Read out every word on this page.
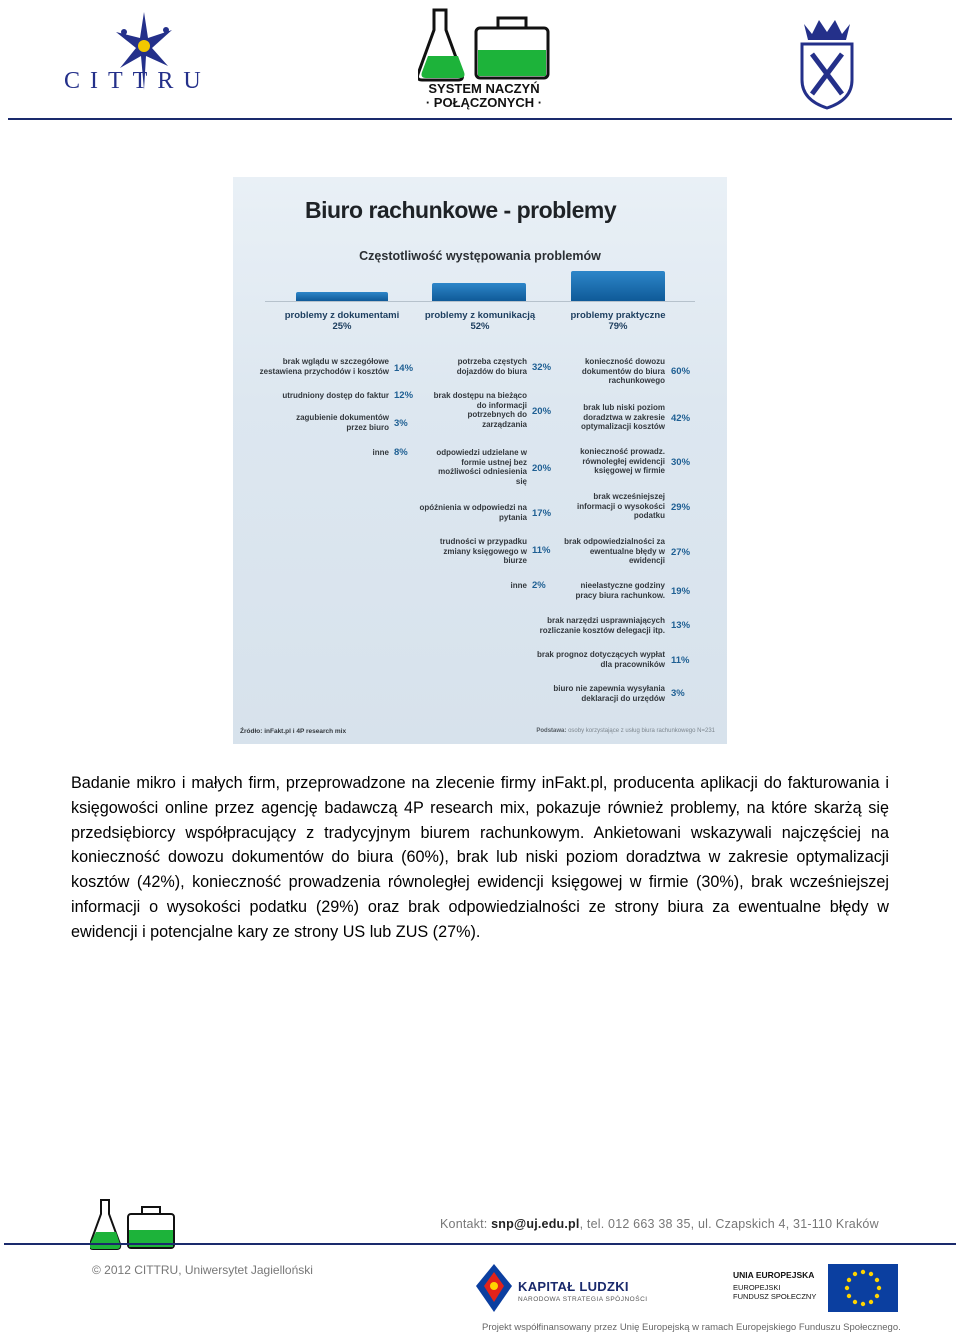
CITTRU	SYSTEM NACZYŃ
· POŁĄCZONYCH ·
Biuro rachunkowe - problemy
Częstotliwość występowania problemów
problemy z dokumentami
25%
problemy z komunikacją
52%
problemy praktyczne
79%
brak wglądu w szczegółowe zestawiena przychodów i kosztów 14%
utrudniony dostęp do faktur 12%
zagubienie dokumentów przez biuro 3%
inne 8%
potrzeba częstych dojazdów do biura 32%
brak dostępu na bieżąco do informacji potrzebnych do zarządzania
20%
odpowiedzi udzielane w formie ustnej bez możliwości odniesienia się
20%
opóźnienia w odpowiedzi na pytania 17%
trudności w przypadku zmiany księgowego w biurze
11%
inne 2%
konieczność dowozu dokumentów do biura rachunkowego
60%
brak lub niski poziom doradztwa w zakresie optymalizacji kosztów
42%
konieczność prowadz. równoległej ewidencji księgowej w firmie
30%
brak wcześniejszej informacji o wysokości podatku
29%
brak odpowiedzialności za ewentualne błędy w ewidencji
27%
nieelastyczne godziny pracy biura rachunkow. 19%
brak narzędzi usprawniających rozliczanie kosztów delegacji itp. 13%
brak prognoz dotyczących wypłat dla pracowników 11%
biuro nie zapewnia wysyłania deklaracji do urzędów 3%
Źródło: inFakt.pl i 4P research mix	Podstawa: osoby korzystające z usług biura rachunkowego N=231

Badanie mikro i małych firm, przeprowadzone na zlecenie firmy inFakt.pl, producenta aplikacji do fakturowania i księgowości online przez agencję badawczą 4P research mix, pokazuje również problemy, na które skarżą się przedsiębiorcy współpracujący z tradycyjnym biurem rachunkowym. Ankietowani wskazywali najczęściej na konieczność dowozu dokumentów do biura (60%), brak lub niski poziom doradztwa w zakresie optymalizacji kosztów (42%), konieczność prowadzenia równoległej ewidencji księgowej w firmie (30%), brak wcześniejszej informacji o wysokości podatku (29%) oraz brak odpowiedzialności ze strony biura za ewentualne błędy w ewidencji i potencjalne kary ze strony US lub ZUS (27%).

Kontakt: snp@uj.edu.pl, tel. 012 663 38 35, ul. Czapskich 4, 31-110 Kraków
© 2012 CITTRU, Uniwersytet Jagielloński
KAPITAŁ LUDZKI
NARODOWA STRATEGIA SPÓJNOŚCI
UNIA EUROPEJSKA
EUROPEJSKI
FUNDUSZ SPOŁECZNY
Projekt współfinansowany przez Unię Europejską w ramach Europejskiego Funduszu Społecznego.
